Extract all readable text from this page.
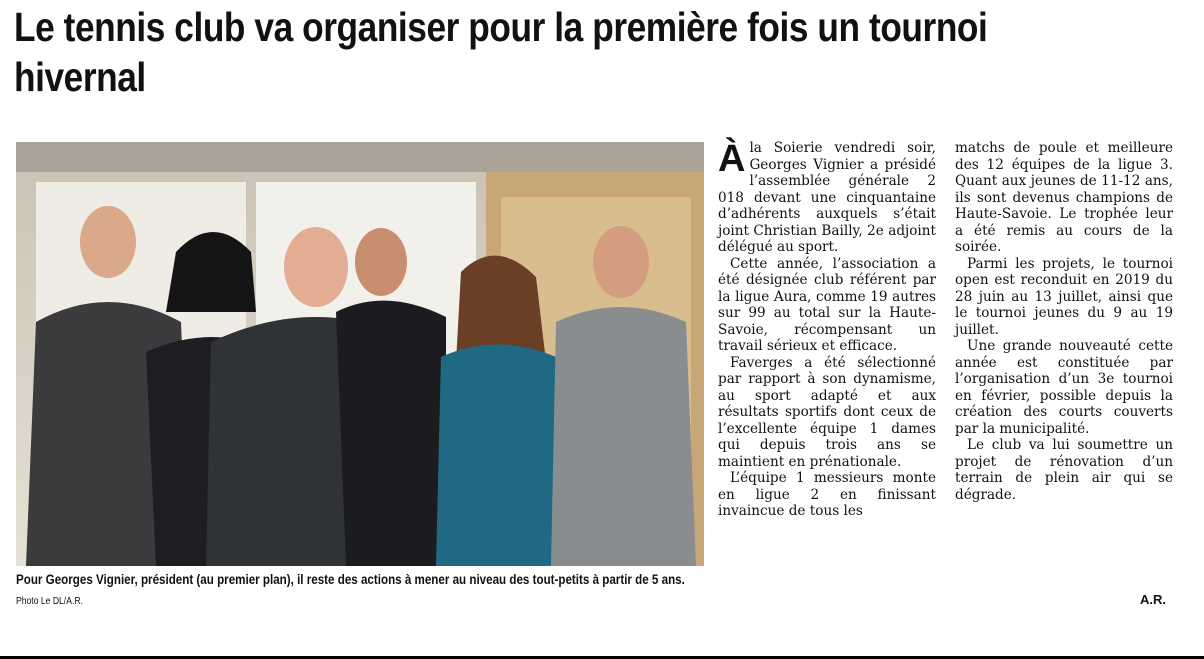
Le tennis club va organiser pour la première fois un tournoi hivernal
Pour Georges Vignier, président (au premier plan), il reste des actions à mener au niveau des tout-petits à partir de 5 ans. Photo Le DL/A.R.

À la Soierie vendredi soir, Georges Vignier a présidé l’assemblée générale 2 018 devant une cinquantaine d’adhérents auxquels s’était joint Christian Bailly, 2e adjoint délégué au sport.

Cette année, l’association a été désignée club référent par la ligue Aura, comme 19 autres sur 99 au total sur la Haute-Savoie, récompensant un travail sérieux et efficace.

Faverges a été sélectionné par rapport à son dynamisme, au sport adapté et aux résultats sportifs dont ceux de l’excellente équipe 1 dames qui depuis trois ans se maintient en prénationale.

L’équipe 1 messieurs monte en ligue 2 en finissant invaincue de tous les

matchs de poule et meilleure des 12 équipes de la ligue 3. Quant aux jeunes de 11-12 ans, ils sont devenus champions de Haute-Savoie. Le trophée leur a été remis au cours de la soirée.

Parmi les projets, le tournoi open est reconduit en 2019 du 28 juin au 13 juillet, ainsi que le tournoi jeunes du 9 au 19 juillet.

Une grande nouveauté cette année est constituée par l’organisation d’un 3e tournoi en février, possible depuis la création des courts couverts par la municipalité.

Le club va lui soumettre un projet de rénovation d’un terrain de plein air qui se dégrade.

A.R.
